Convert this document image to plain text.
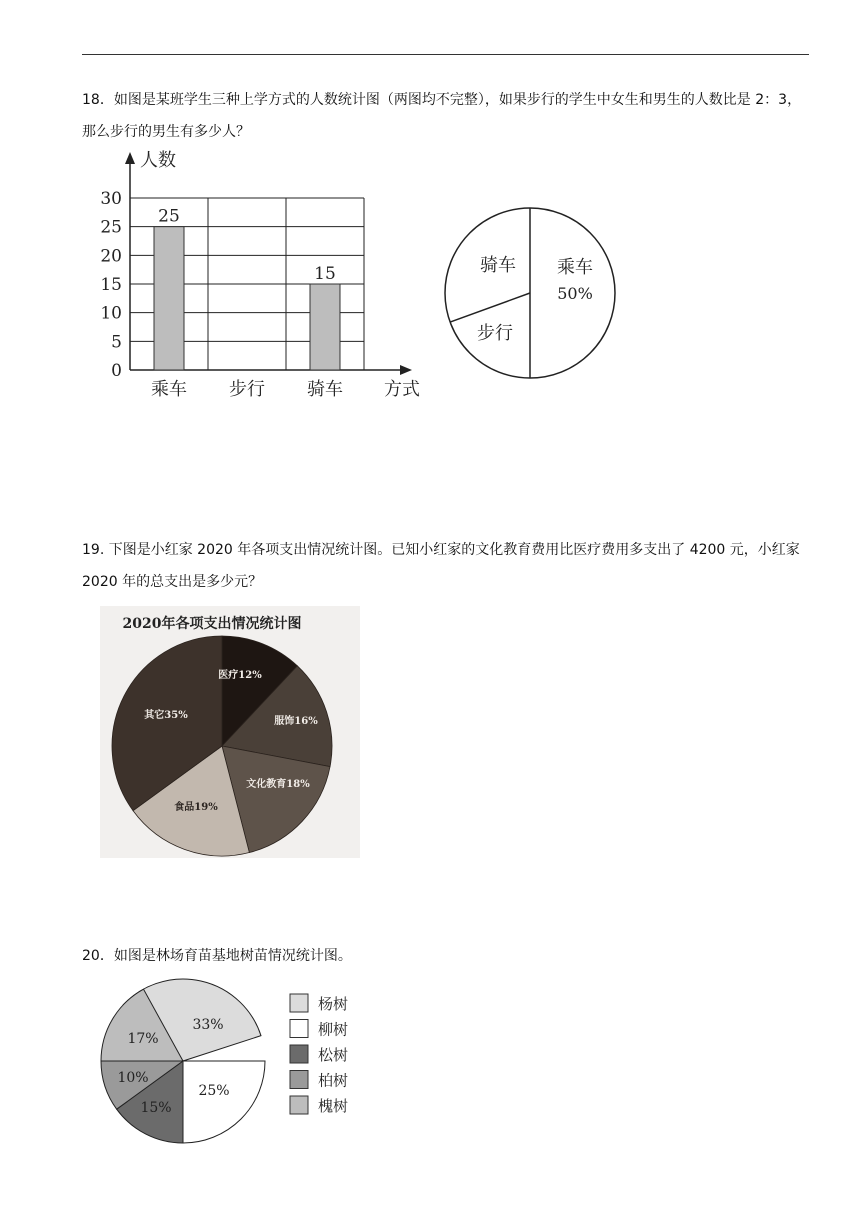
18．如图是某班学生三种上学方式的人数统计图（两图均不完整），如果步行的学生中女生和男生的人数比是 2：3，那么步行的男生有多少人？
0
5
10
15
20
25
30
人数
方式
乘车
25
步行 骑车
15	乘车
50%
骑车
步行
19. 下图是小红家 2020 年各项支出情况统计图。已知小红家的文化教育费用比医疗费用多支出了 4200 元，小红家 2020 年的总支出是多少元？
2020年各项支出情况统计图
医疗12%
服饰16%
文化教育18%
食品19%
其它35%
20．如图是林场育苗基地树苗情况统计图。
33%
25%
15%
10%
17%
杨树
柳树
松树
柏树
槐树
